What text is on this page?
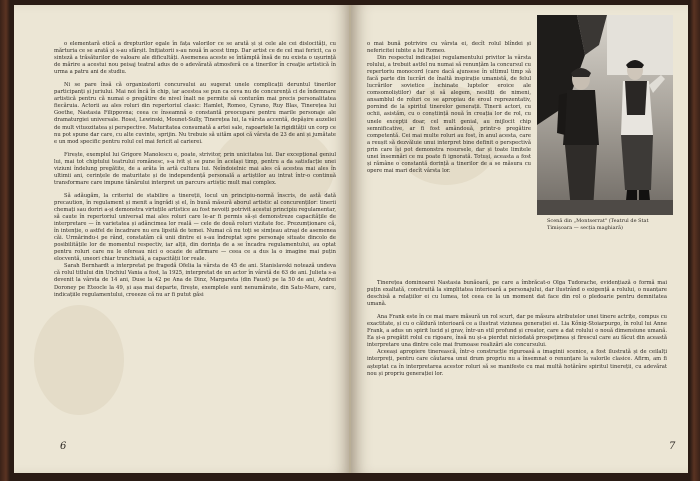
o elementară etică a drepturilor egale în fața valorilor ce se arată și și cele ale cei dislocități, cu mărturia ce se arată și s-au sfârșit. Inițiatorii s-au nouă în acest timp. Dar artist ce de cel mai fericit, ca o sinteză a trăsăturilor de valoare ale dificultăți. Asemenea aceste se întâmplă însă de nu exista o ușurință de mărire a acestui nou peisaj teatral adus de o adevărată atmosferă ce a tinerilor în creaţie artistică în urma a patru ani de studiu.

Ni se pare însă că organizatorii concursului au sugerat unele complicații deruntul tinerilor participanți și juriului. Mai noi încă în chip, iar acestea se pun ca ceva nu de concurență ci de îndemnare artistică pentru că numai o pregătire de nivel înalt ne permite să conturăm mai precis personalitatea fiecăruia. Actorii au ales roluri din repertoriul clasic: Hamlet, Romeo, Cyrano, Ruy Blas, Tinerețea lui Goethe, Nastasia Filippovna; ceea ce înseamnă o constantă preocupare pentru marile personaje ale dramaturgiei universale. Rossi, Lewinski, Mounet-Sully, Tinerețea lui, la vârsta accentă, depășire auzeliei de mult vituozitatea și perspective. Maturitatea consumată a artei sale, rapoartele la rigidității un corp ce nu pot spune dar care, cu alte cuvinte, sprijin. Nu trebuie să uităm apoi că vârsta de 23 de ani și jumătate e un mod specific pentru rolul cel mai fericit al carierei.

Firește, exemplul lui Grigore Manolescu e, poate, strivitor, prin unicitatea lui. Dar excepțional geniul lui, mai tot chiptului teatrului românesc, s-a ivit și se pune în același timp, pentru a da satisfacție unei viziuni îndelung pregătite, de a arăta în artă cultura lui. Neîndoielnic mai ales că acestea mai ales în ultimii ani, cerințele de maturitate și de independență personală a artiștilor au intrat într-o continuă transformare care impune tânărului interpret un parcurs artistic mult mai complex.

Să adăugăm, la criteriul de stabilire a tinereții, locul un principiu-normă înscris, de astă dată precaution, în regulament și menit a îngrădi și el, în bună măsură aborul artistic al concurenților: tinerii chemați sau doriri a-și demonstra virtuțile artistice au fost nevoiți potrivit acestui principiu regulamentar, să caute în repertoriul universal mai ales roluri care le-ar fi permis să-și demonstreze capacitățile de interpretare — în varietatea și adâncimea lor reală — cele de două roluri vizitate foc. Prezumționare că, în intenție, o astfel de încadrare nu era lipsită de temei. Numai că nu toți se simțeau atrași de asemenea căi. Urmărindu-i pe rând, constatăm că unii dintre ei s-au îndreptat spre personaje situate dincolo de posibilitățile lor de momentul respectiv, iar alții, din dorința de a se încadra regulamentului, au optat pentru roluri care nu le ofereau nici o ocazie de afirmare — ceea ce a dus la o imagine mai puțin elocventă, uneori chiar trunchiată, a capacității lor reale.

Sarah Bernhardt a interpretat pe fragedă Ofelia la vârsta de 45 de ani. Stanislavski notează undeva că rolul titlului din Unchiul Vania a fost, la 1925, interpretat de un actor în vârstă de 63 de ani. Julieta s-a devenit la vârsta de 14 ani, Duse la 42 pe Ana de Dinz, Margareta (din Faust) pe la 50 de ani, Andrei Doroney pe Eteocle la 49, și așa mai departe, firește, exemplele sunt nenumărate, din Satu-Mare, care, indicațiile regulamentului, creeeze că nu ar fi putut găsi

6

o mai bună potrivire cu vârsta ei, decît rolul blîndei și nefericitei iubite a lui Romeo.

Din respectul indicației regulamentului privitor la vârsta rolului, a trebuit astfel nu numai să renunțăm la concursul cu repertoriu monocord (care dacă ajunsese în ultimul timp să facă parte din lucrări de înaltă inspirație umanistă, de felul lucrărilor sovietice închinate luptelor eroice ale comsomoliștilor) dar și să alegem, nesiliți de nimeni, ansamblul de roluri ce se apropiau de eroul reprezentativ, pornind de la spiritul tinerelor generații. Tinerii actori, cu ochii, asistăm, cu o conștiință nouă în creația lor de rol, cu unele excepții doar, cel mult genial, au mijlocit chip semnificative, ar fi fost amândouă, printr-o pregătire competentă. Cei mai multe roluri au fost, în anul acesta, care a reușit să dezvăluie unui interpret bine definit o perspectivă prin care își pot demonstra resursele, dar și toate limitele unei însemnări ce nu poate fi ignorată. Totuși, aceasta a fost și rămâne o constantă dorință a tinerilor de a se măsura cu opere mai mari decît vârsta lor.

Scenă din „Montserrat" (Teatrul de Stat Timișoara — secția maghiară)

Tinerețea dominoarei Nastasia bunăoară, pe care a îmbrăcat-o Olga Tudorache, evidențiază o formă mai puțin exaltată, construită la simplitatea interioară a personajului, dar ilustrând o exigență a rolului, o nuanțare deschisă a relațiilor ei cu lumea, tot ceea ce la un moment dat face din rol o pledoarie pentru demnitatea umană.

Ana Frank este în ce mai mare măsură un rol scurt, dar pe măsura atributelor unei tinere actrițe, compus cu exactitate, și cu o căldură interioară ce a ilustrat viziunea generației ei. Lia Kőnig-Stoiarpurgo, în rolul lui Anne Frank, a adus un spirit lucid și grav, într-un stil profund și creator, care a dat rolului o nouă dimensiune umană. Ea și-a pregătit rolul cu rigoare, însă nu și-a pierdut niciodată prospețimea și firescul care au făcut din această interpretare una dintre cele mai frumoase realizări ale concursului.

Aceeași apropiere tinerească, într-o construcție riguroasă a imaginii scenice, a fost ilustrată și de ceilalți interpreți, pentru care căutarea unui drum propriu nu a însemnat o renunțare la valorile clasice. Afirm, am fi așteptat ca în interpretarea acestor roluri să se manifeste cu mai multă hotărâre spiritul tinereții, cu adevărat nou și propriu generației lor.

7
